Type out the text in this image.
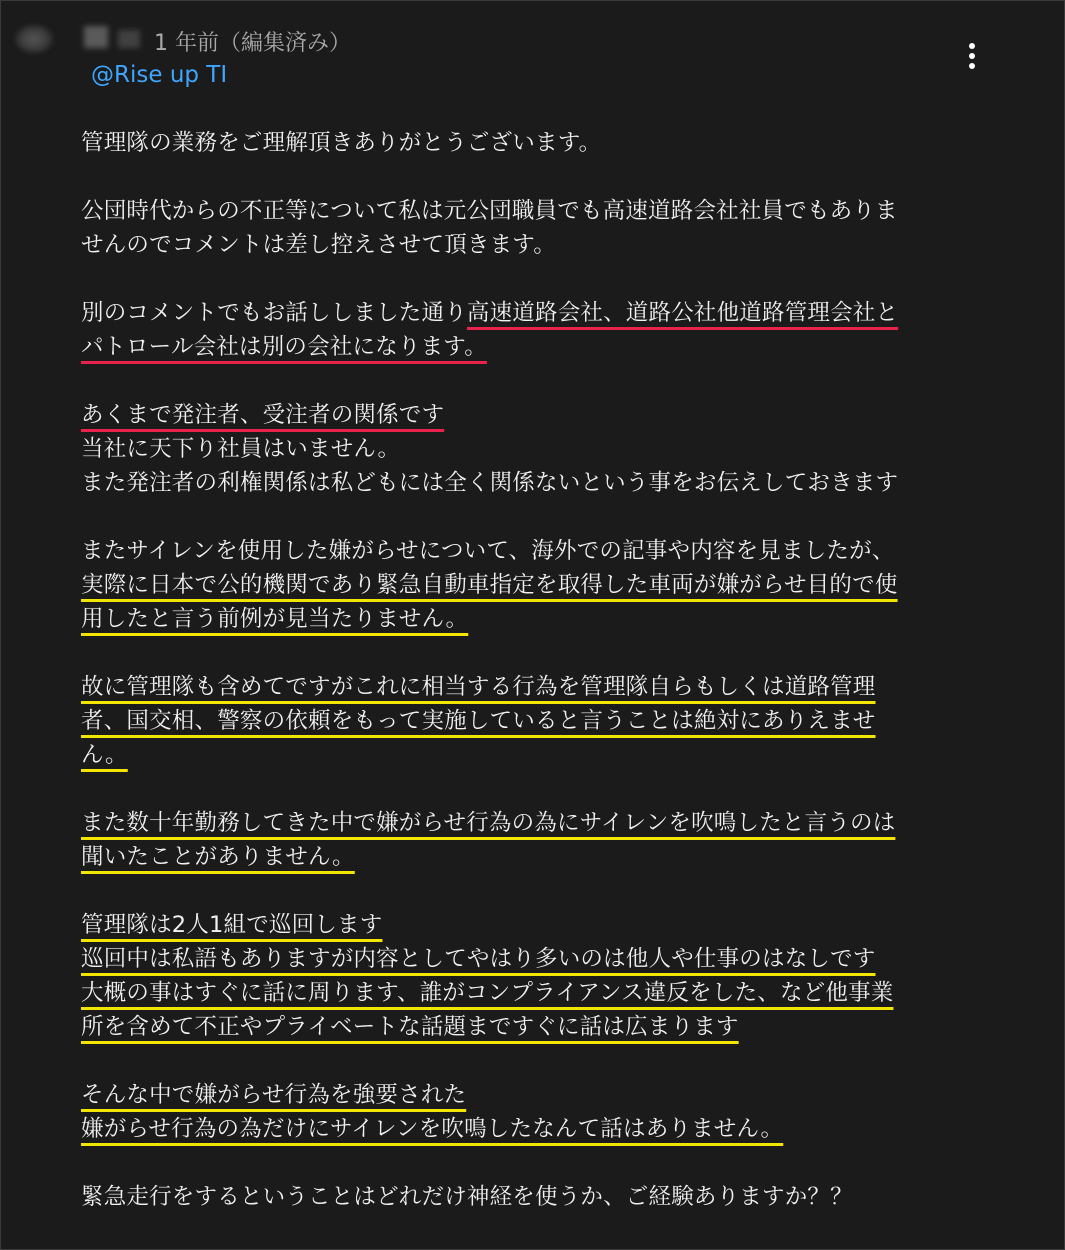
1 年前（編集済み）
@Rise up TI
管理隊の業務をご理解頂きありがとうございます。
公団時代からの不正等について私は元公団職員でも高速道路会社社員でもありま
せんのでコメントは差し控えさせて頂きます。
別のコメントでもお話ししました通り高速道路会社、道路公社他道路管理会社と
パトロール会社は別の会社になります。
あくまで発注者、受注者の関係です
当社に天下り社員はいません。
また発注者の利権関係は私どもには全く関係ないという事をお伝えしておきます
またサイレンを使用した嫌がらせについて、海外での記事や内容を見ましたが、
実際に日本で公的機関であり緊急自動車指定を取得した車両が嫌がらせ目的で使
用したと言う前例が見当たりません。
故に管理隊も含めてですがこれに相当する行為を管理隊自らもしくは道路管理
者、国交相、警察の依頼をもって実施していると言うことは絶対にありえませ
ん。
また数十年勤務してきた中で嫌がらせ行為の為にサイレンを吹鳴したと言うのは
聞いたことがありません。
管理隊は2人1組で巡回します
巡回中は私語もありますが内容としてやはり多いのは他人や仕事のはなしです
大概の事はすぐに話に周ります、誰がコンプライアンス違反をした、など他事業
所を含めて不正やプライベートな話題まですぐに話は広まります
そんな中で嫌がらせ行為を強要された
嫌がらせ行為の為だけにサイレンを吹鳴したなんて話はありません。
緊急走行をするということはどれだけ神経を使うか、ご経験ありますか？？
